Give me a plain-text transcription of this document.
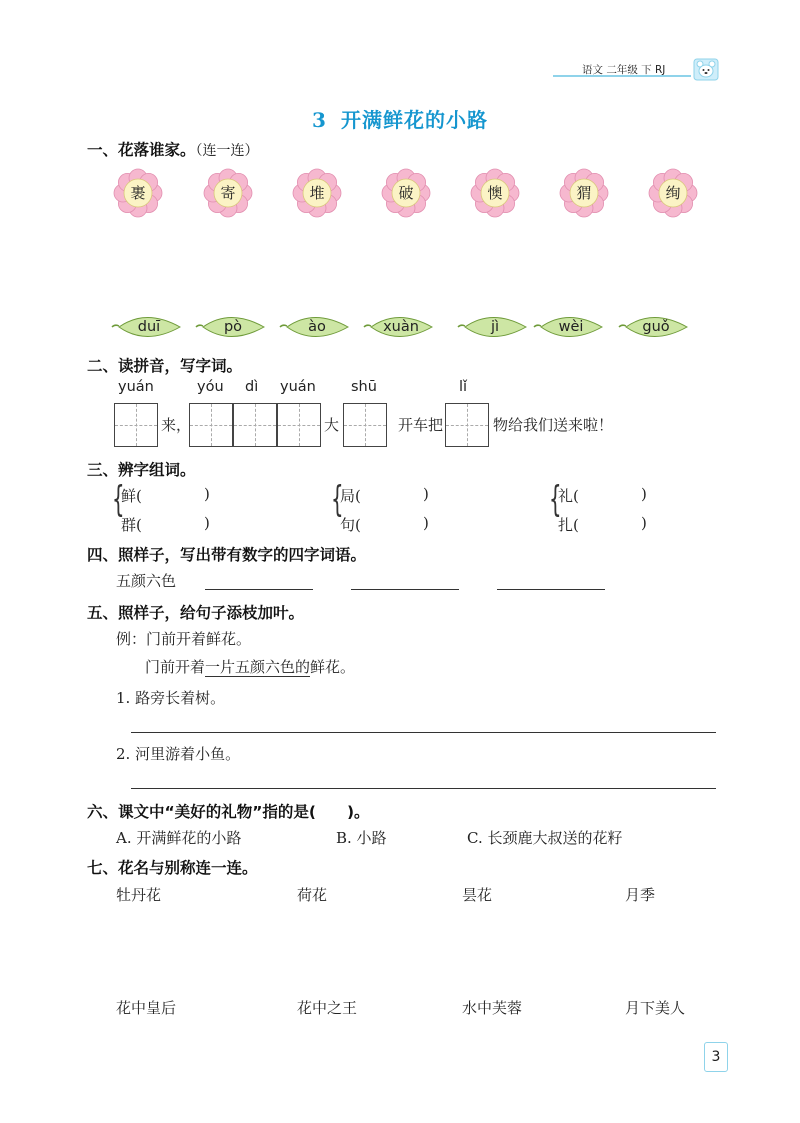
语文 二年级 下 RJ
3 开满鲜花的小路
一、花落谁家。（连一连）
裹	寄	堆	破	懊	猬	绚
duī	pò	ào	xuàn	jì	wèi	guǒ
二、读拼音，写字词。
yuán	yóu dì yuán shū	lǐ
来，	大	开车把	物给我们送来啦！
三、辨字组词。
{
鲜(	)
群(	)
{
局(	)
句(	)
{
礼(	)
扎(	)
四、照样子，写出带有数字的四字词语。
五颜六色
五、照样子，给句子添枝加叶。
例：门前开着鲜花。
门前开着一片五颜六色的鲜花。
1. 路旁长着树。
2. 河里游着小鱼。
六、课文中“美好的礼物”指的是(　　)。
A. 开满鲜花的小路	B. 小路	C. 长颈鹿大叔送的花籽
七、花名与别称连一连。
牡丹花	荷花	昙花	月季
花中皇后	花中之王	水中芙蓉	月下美人
3
